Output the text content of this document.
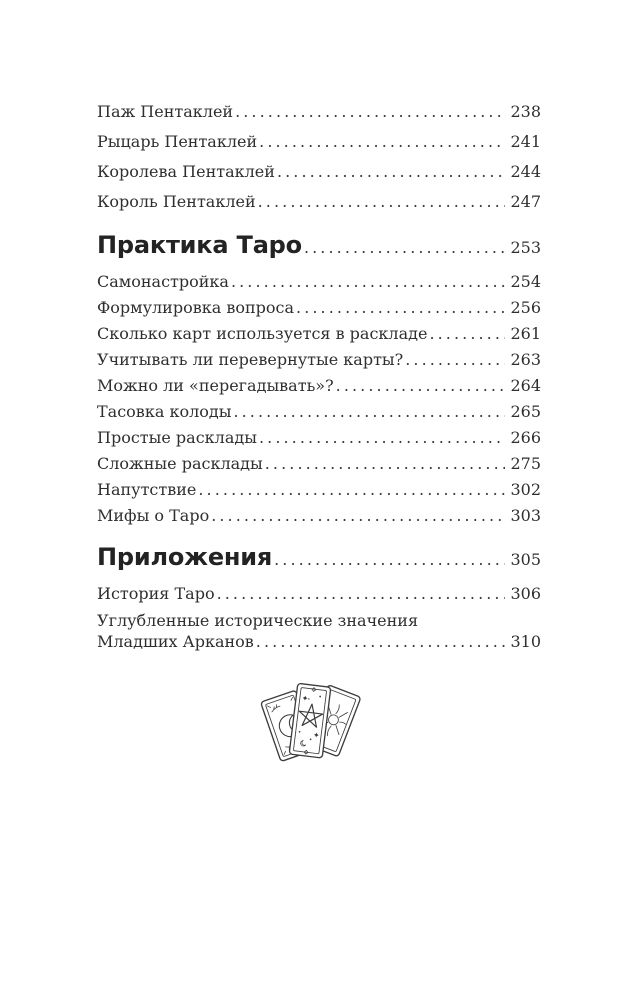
Паж Пентаклей . . .	238
Рыцарь Пентаклей . . .	241
Королева Пентаклей . . .	244
Король Пентаклей . . .	247
Практика Таро . . .	253
Самонастройка . . .	254
Формулировка вопроса . . .	256
Сколько карт используется в раскладе . . .	261
Учитывать ли перевернутые карты? . . .	263
Можно ли «перегадывать»? . . .	264
Тасовка колоды . . .	265
Простые расклады . . .	266
Сложные расклады . . .	275
Напутствие . . .	302
Мифы о Таро . . .	303
Приложения . . .	305
История Таро . . .	306
Углубленные исторические значения
Младших Арканов . . .	310
